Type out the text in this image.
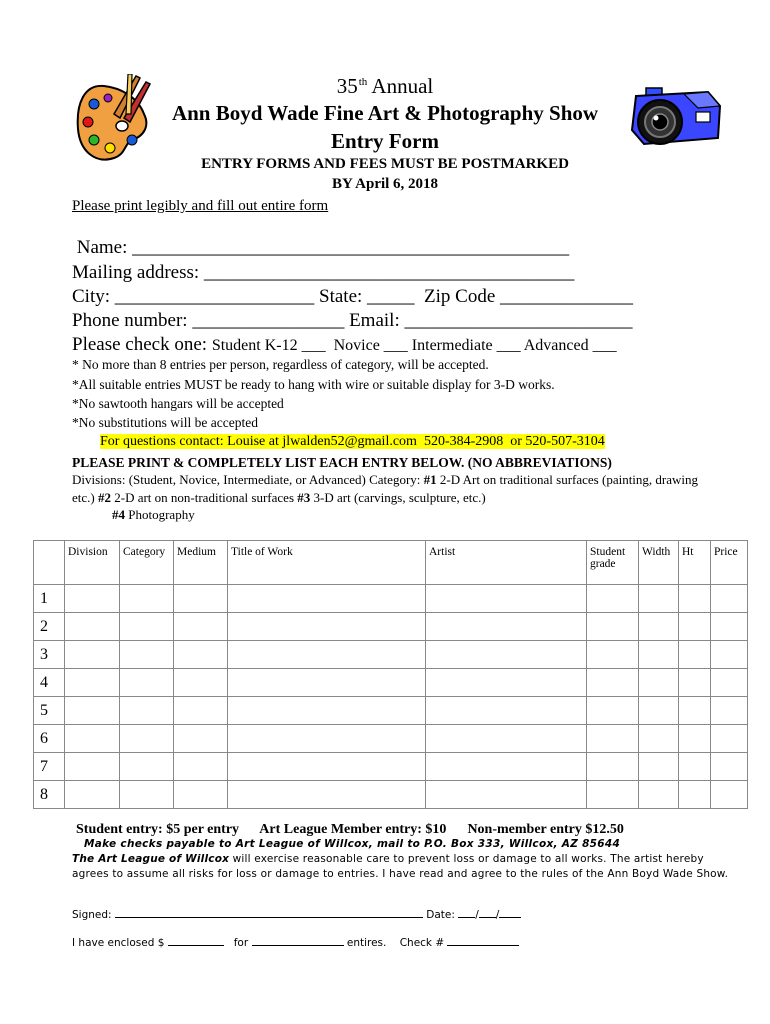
35th Annual
Ann Boyd Wade Fine Art & Photography Show
Entry Form
ENTRY FORMS AND FEES MUST BE POSTMARKED
BY April 6, 2018
Please print legibly and fill out entire form
Name: ______________________________________________
Mailing address: _______________________________________
City: _____________________ State: _____  Zip Code ______________
Phone number: ________________ Email: ________________________
Please check one: Student K-12 ___  Novice ___ Intermediate ___ Advanced ___
* No more than 8 entries per person, regardless of category, will be accepted.
*All suitable entries MUST be ready to hang with wire or suitable display for 3-D works.
*No sawtooth hangars will be accepted
*No substitutions will be accepted
For questions contact: Louise at jlwalden52@gmail.com  520-384-2908  or 520-507-3104
PLEASE PRINT & COMPLETELY LIST EACH ENTRY BELOW. (NO ABBREVIATIONS)
Divisions: (Student, Novice, Intermediate, or Advanced) Category: #1 2-D Art on traditional surfaces (painting, drawing etc.) #2 2-D art on non-traditional surfaces #3 3-D art (carvings, sculpture, etc.)
#4 Photography
	Division	Category	Medium	Title of Work	Artist	Student grade	Width	Ht	Price
1									
2									
3									
4									
5									
6									
7									
8									
Student entry: $5 per entry Art League Member entry: $10 Non-member entry $12.50
Make checks payable to Art League of Willcox, mail to P.O. Box 333, Willcox, AZ 85644
The Art League of Willcox will exercise reasonable care to prevent loss or damage to all works. The artist hereby agrees to assume all risks for loss or damage to entries. I have read and agree to the rules of the Ann Boyd Wade Show.
Signed:	Date: / /
I have enclosed $	for	entires.    Check #
